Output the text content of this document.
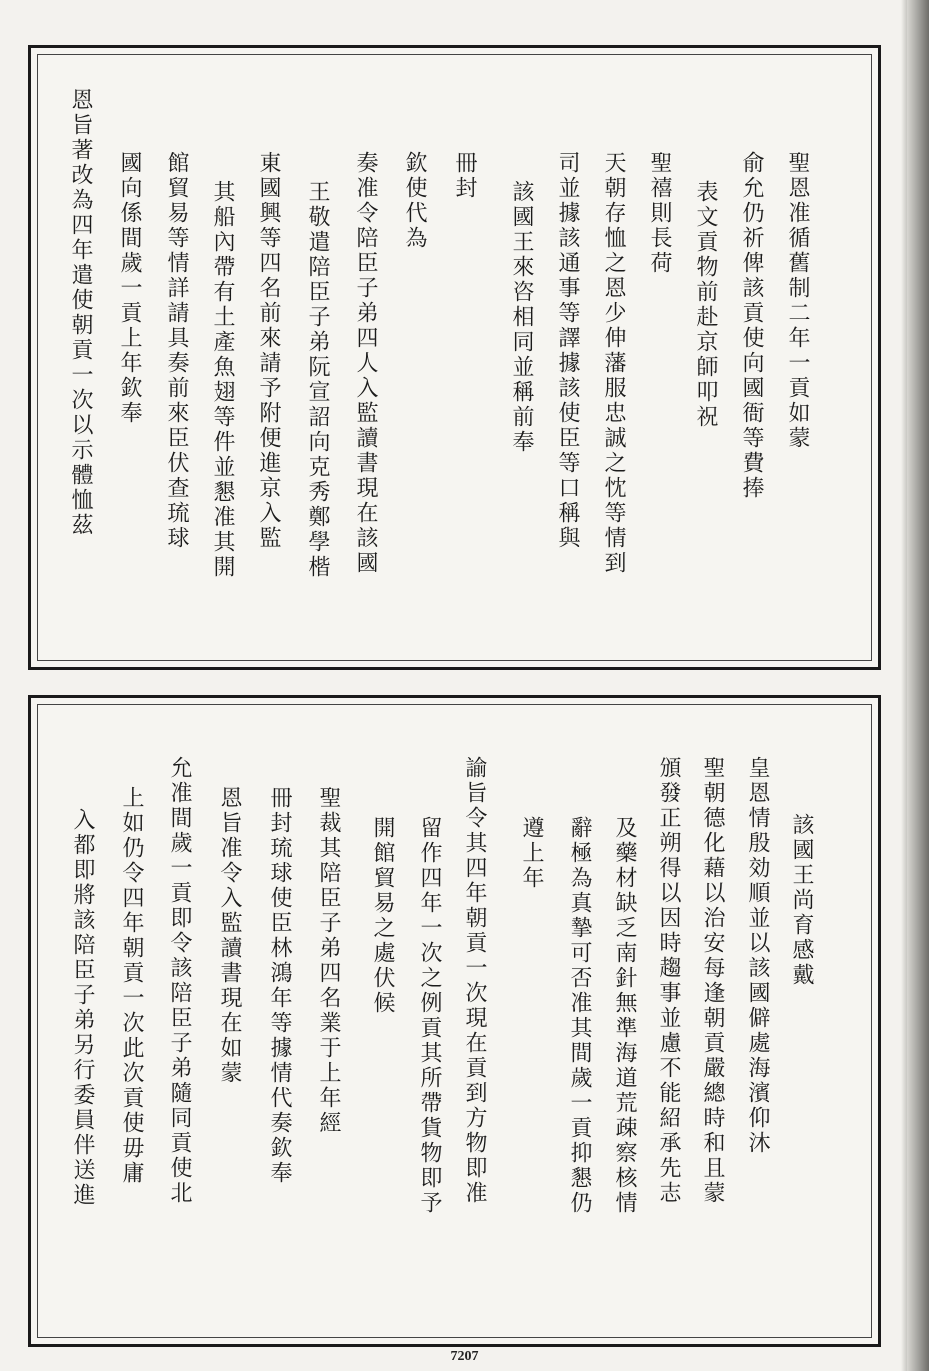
聖恩准循舊制二年一貢如蒙
俞允仍祈俾該貢使向國衙等費捧
表文貢物前赴京師叩祝
聖禧則長荷
天朝存恤之恩少伸藩服忠誠之忱等情到
司並據該通事等譯據該使臣等口稱與
該國王來咨相同並稱前奉
冊封
欽使代為
奏准令陪臣子弟四人入監讀書現在該國
王敬遣陪臣子弟阮宣詔向克秀鄭學楷
東國興等四名前來請予附便進京入監
其船內帶有土產魚翅等件並懇准其開
館貿易等情詳請具奏前來臣伏查琉球
國向係間歲一貢上年欽奉
恩旨著改為四年遣使朝貢一次以示體恤茲
該國王尚育感戴
皇恩情殷効順並以該國僻處海濱仰沐
聖朝德化藉以治安每逢朝貢嚴總時和且蒙
頒發正朔得以因時趨事並慮不能紹承先志
及藥材缺乏南針無準海道荒疎察核情
辭極為真摯可否准其間歲一貢抑懇仍
遵上年
諭旨令其四年朝貢一次現在貢到方物即准
留作四年一次之例貢其所帶貨物即予
開館貿易之處伏候
聖裁其陪臣子弟四名業于上年經
冊封琉球使臣林鴻年等據情代奏欽奉
恩旨准令入監讀書現在如蒙
允准間歲一貢即令該陪臣子弟隨同貢使北
上如仍令四年朝貢一次此次貢使毋庸
入都即將該陪臣子弟另行委員伴送進
7207
